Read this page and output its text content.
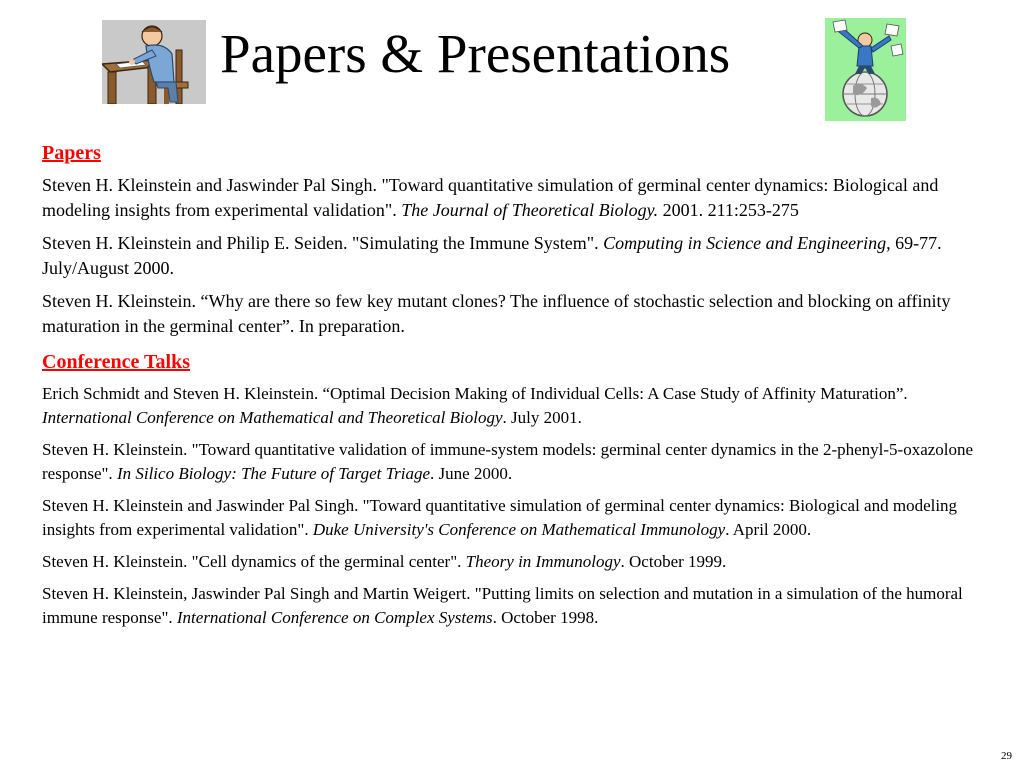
Papers & Presentations
Papers

Steven H. Kleinstein and Jaswinder Pal Singh. "Toward quantitative simulation of germinal center dynamics: Biological and modeling insights from experimental validation". The Journal of Theoretical Biology. 2001. 211:253-275

Steven H. Kleinstein and Philip E. Seiden. "Simulating the Immune System". Computing in Science and Engineering, 69-77. July/August 2000.

Steven H. Kleinstein. “Why are there so few key mutant clones? The influence of stochastic selection and blocking on affinity maturation in the germinal center”. In preparation.

Conference Talks

Erich Schmidt and Steven H. Kleinstein. “Optimal Decision Making of Individual Cells: A Case Study of Affinity Maturation”. International Conference on Mathematical and Theoretical Biology. July 2001.

Steven H. Kleinstein. "Toward quantitative validation of immune-system models: germinal center dynamics in the 2-phenyl-5-oxazolone response". In Silico Biology: The Future of Target Triage. June 2000.

Steven H. Kleinstein and Jaswinder Pal Singh. "Toward quantitative simulation of germinal center dynamics: Biological and modeling insights from experimental validation". Duke University's Conference on Mathematical Immunology. April 2000.

Steven H. Kleinstein. "Cell dynamics of the germinal center". Theory in Immunology. October 1999.

Steven H. Kleinstein, Jaswinder Pal Singh and Martin Weigert. "Putting limits on selection and mutation in a simulation of the humoral immune response". International Conference on Complex Systems. October 1998.

29
